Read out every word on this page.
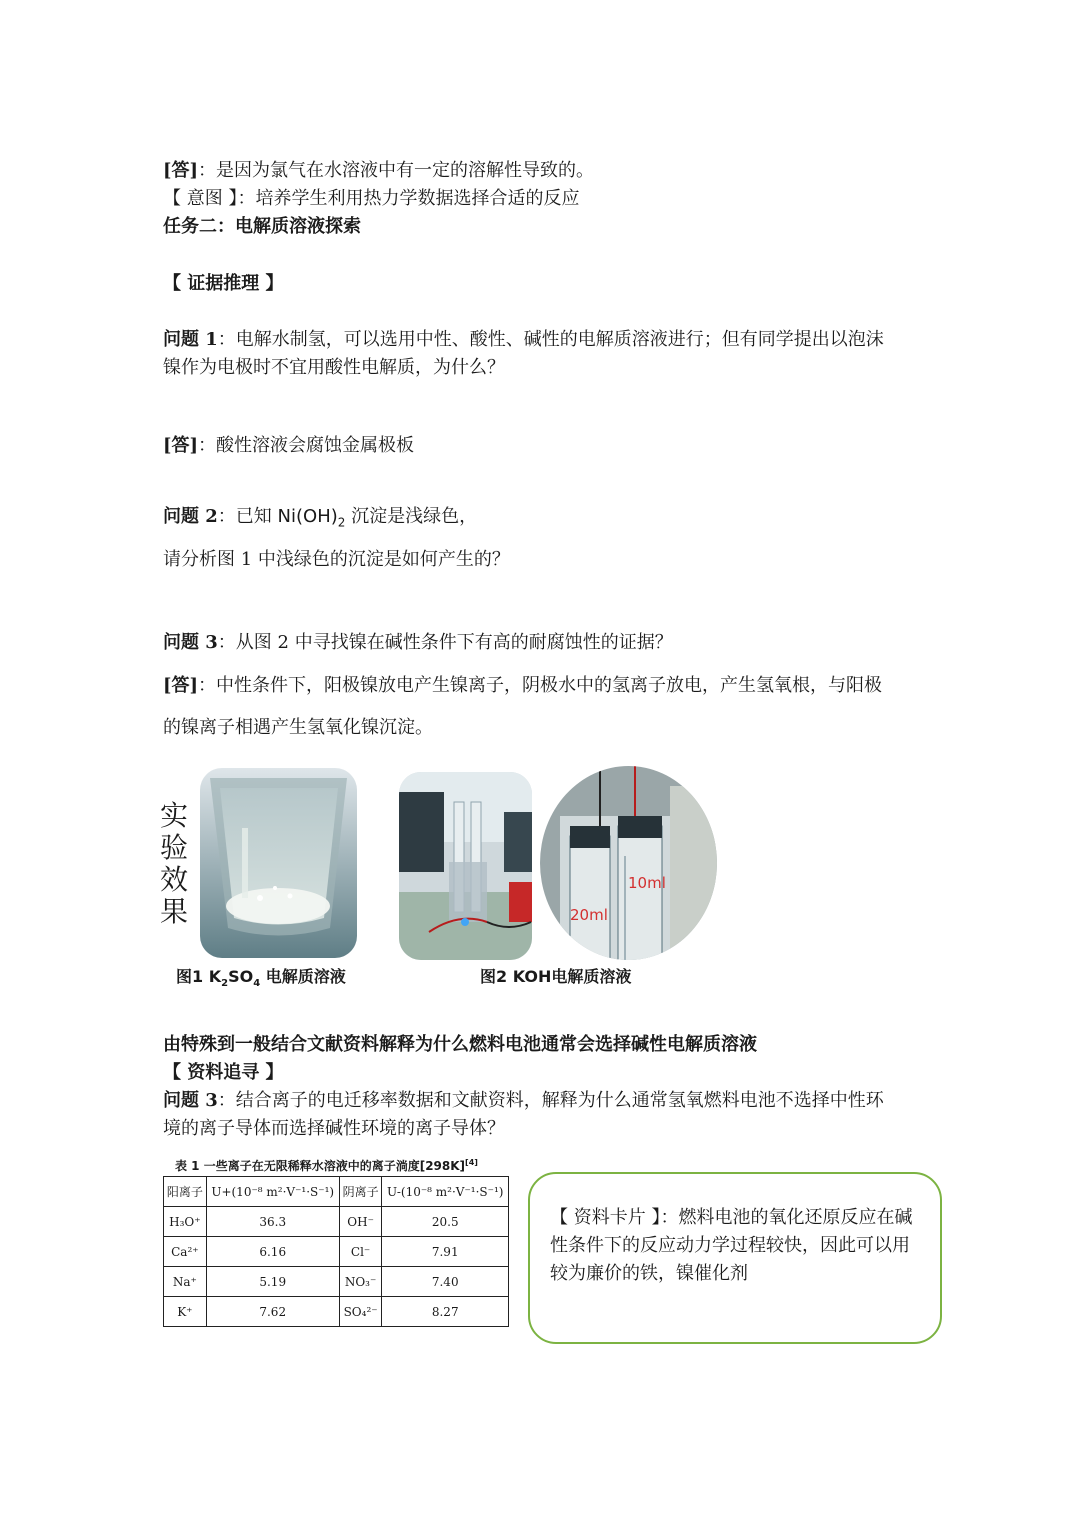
[答]：是因为氯气在水溶液中有一定的溶解性导致的。
【 意图 】：培养学生利用热力学数据选择合适的反应
任务二：电解质溶液探索
【 证据推理 】
问题 1：电解水制氢，可以选用中性、酸性、碱性的电解质溶液进行；但有同学提出以泡沫
镍作为电极时不宜用酸性电解质，为什么？
[答]：酸性溶液会腐蚀金属极板
问题 2：已知 $Ni(OH)_2$ 沉淀是浅绿色，
请分析图 1 中浅绿色的沉淀是如何产生的？
问题 3：从图 2 中寻找镍在碱性条件下有高的耐腐蚀性的证据？
[答]：中性条件下，阳极镍放电产生镍离子，阴极水中的氢离子放电，产生氢氧根，与阳极
的镍离子相遇产生氢氧化镍沉淀。
实
验
效
果
10ml
20ml
图1 $K_2SO_4$ 电解质溶液	图2 KOH电解质溶液
由特殊到一般结合文献资料解释为什么燃料电池通常会选择碱性电解质溶液
【 资料追寻 】
问题 3：结合离子的电迁移率数据和文献资料，解释为什么通常氢氧燃料电池不选择中性环
境的离子导体而选择碱性环境的离子导体？
表 1 一些离子在无限稀释水溶液中的离子淌度[298K][4]
阳离子	U+(10⁻⁸ m²·V⁻¹·S⁻¹)	阴离子	U-(10⁻⁸ m²·V⁻¹·S⁻¹)
H₃O⁺	36.3	OH⁻	20.5
Ca²⁺	6.16	Cl⁻	7.91
Na⁺	5.19	NO₃⁻	7.40
K⁺	7.62	SO₄²⁻	8.27
【 资料卡片 】：燃料电池的氧化还原反应在碱性条件下的反应动力学过程较快，因此可以用较为廉价的铁，镍催化剂
